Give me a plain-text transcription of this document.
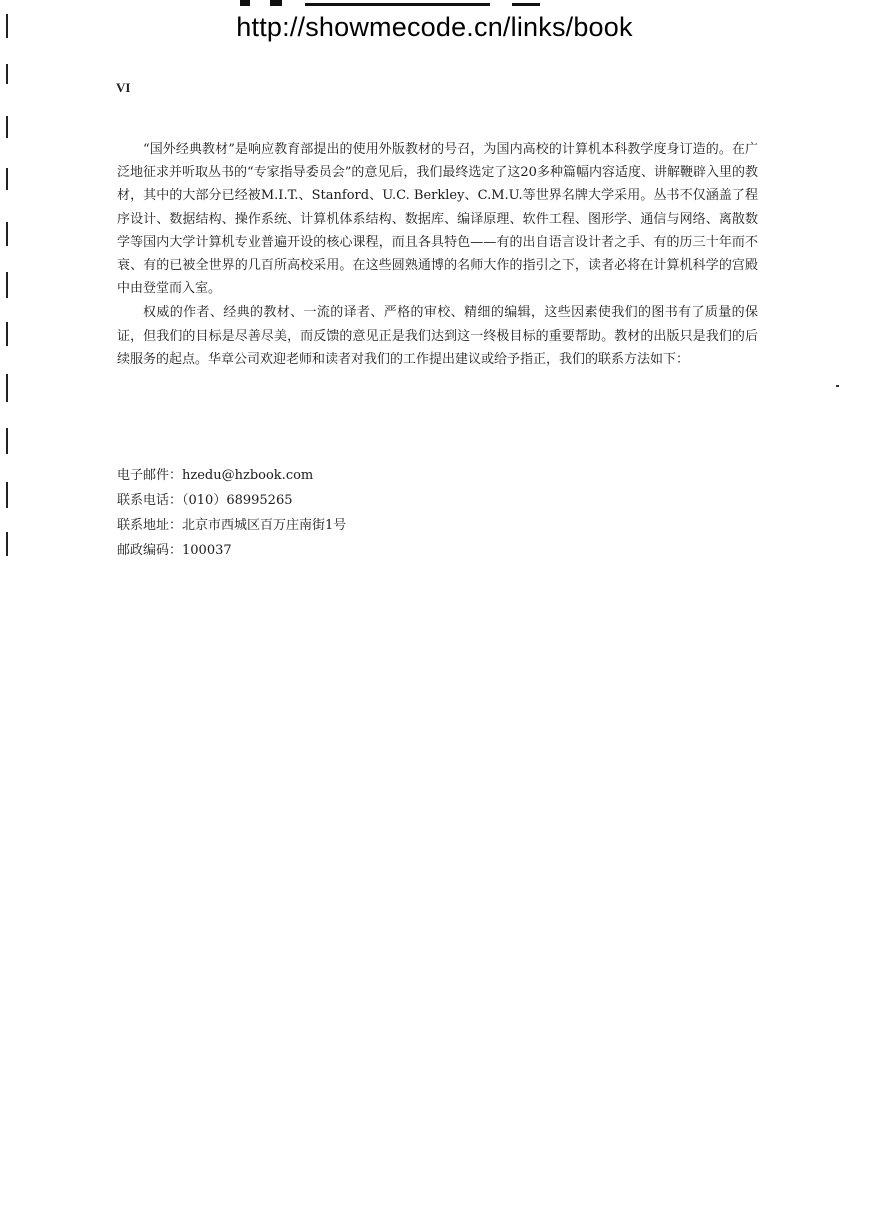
http://showmecode.cn/links/book
VI

“国外经典教材”是响应教育部提出的使用外版教材的号召，为国内高校的计算机本科教学度身订造的。在广泛地征求并听取丛书的“专家指导委员会”的意见后，我们最终选定了这20多种篇幅内容适度、讲解鞭辟入里的教材，其中的大部分已经被M.I.T.、Stanford、U.C. Berkley、C.M.U.等世界名牌大学采用。丛书不仅涵盖了程序设计、数据结构、操作系统、计算机体系结构、数据库、编译原理、软件工程、图形学、通信与网络、离散数学等国内大学计算机专业普遍开设的核心课程，而且各具特色——有的出自语言设计者之手、有的历三十年而不衰、有的已被全世界的几百所高校采用。在这些圆熟通博的名师大作的指引之下，读者必将在计算机科学的宫殿中由登堂而入室。

权威的作者、经典的教材、一流的译者、严格的审校、精细的编辑，这些因素使我们的图书有了质量的保证，但我们的目标是尽善尽美，而反馈的意见正是我们达到这一终极目标的重要帮助。教材的出版只是我们的后续服务的起点。华章公司欢迎老师和读者对我们的工作提出建议或给予指正，我们的联系方法如下：

电子邮件：hzedu@hzbook.com
联系电话：（010）68995265
联系地址：北京市西城区百万庄南街1号
邮政编码：100037
